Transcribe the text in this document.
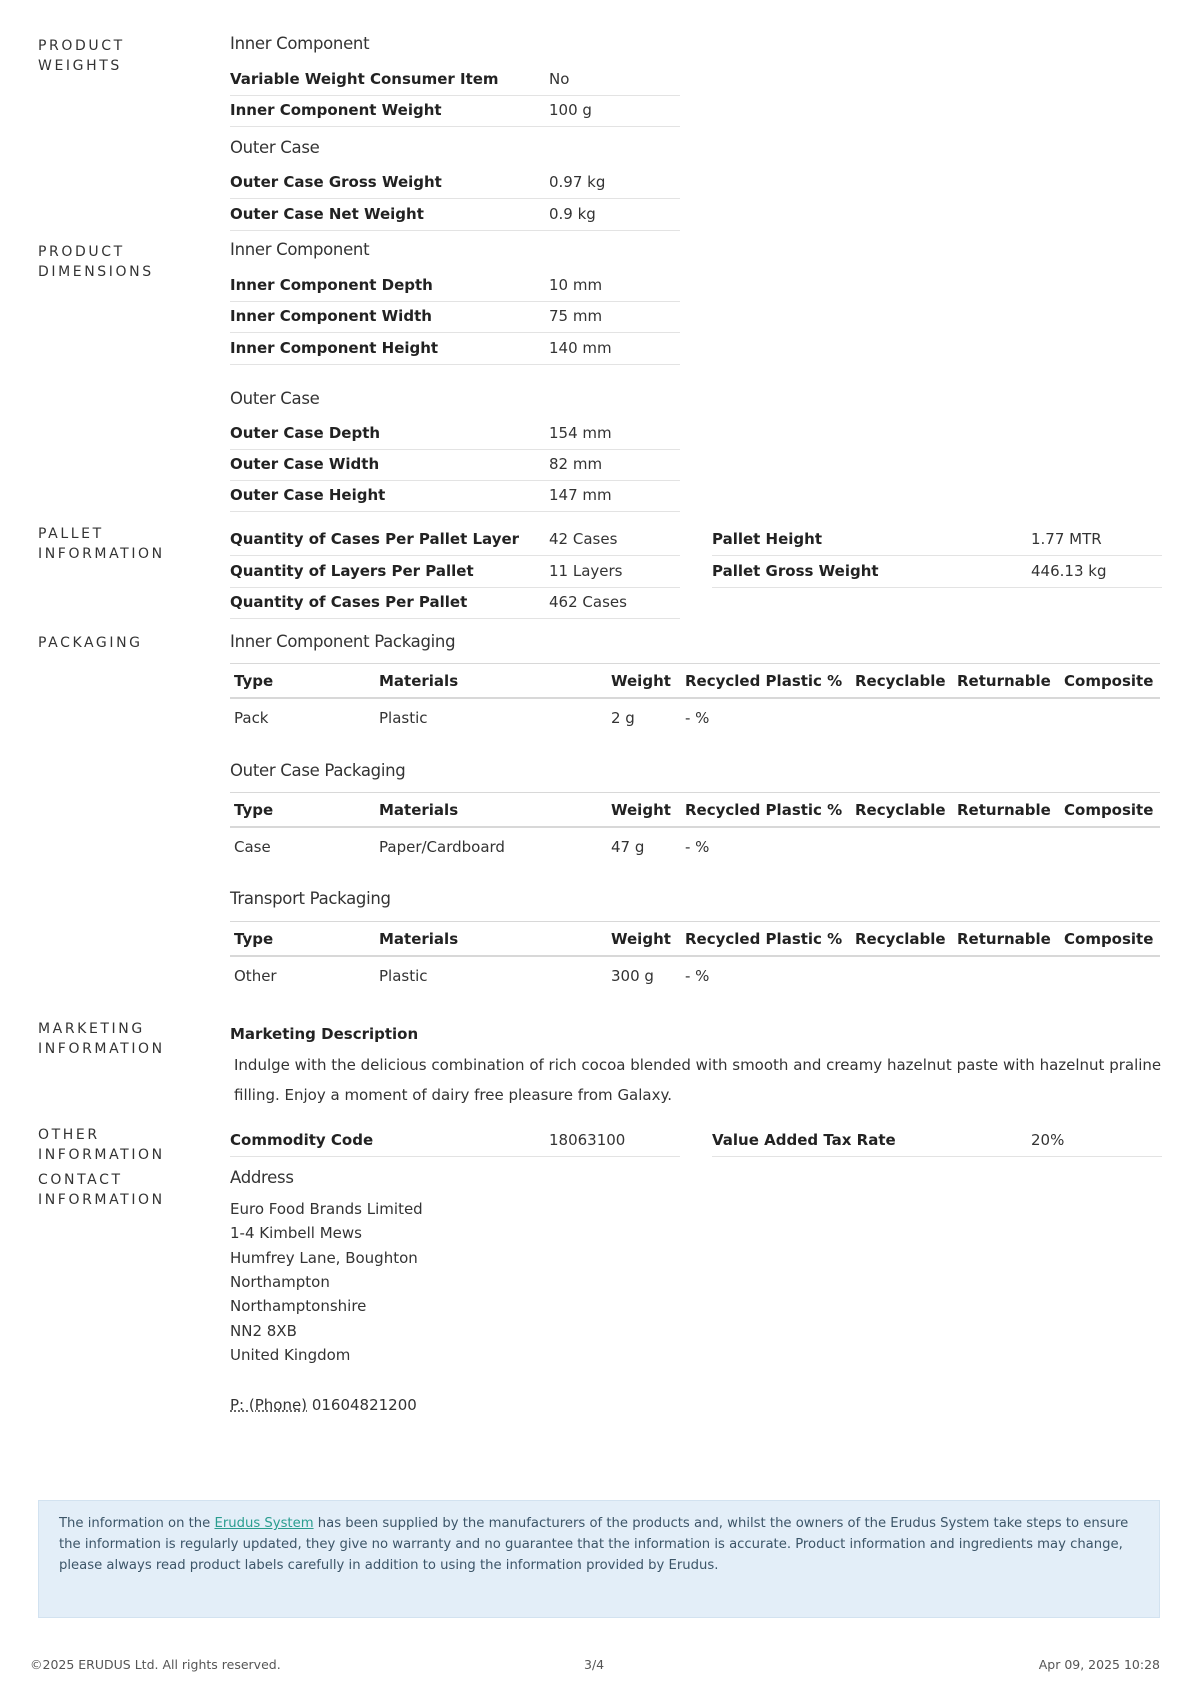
PRODUCT WEIGHTS
Inner Component
Variable Weight Consumer Item	No
Inner Component Weight	100 g
Outer Case
Outer Case Gross Weight	0.97 kg
Outer Case Net Weight	0.9 kg
PRODUCT DIMENSIONS
Inner Component
Inner Component Depth	10 mm
Inner Component Width	75 mm
Inner Component Height	140 mm
Outer Case
Outer Case Depth	154 mm
Outer Case Width	82 mm
Outer Case Height	147 mm
PALLET INFORMATION
Quantity of Cases Per Pallet Layer 42 Cases
Quantity of Layers Per Pallet	11 Layers
Quantity of Cases Per Pallet	462 Cases
Pallet Height	1.77 MTR
Pallet Gross Weight	446.13 kg
PACKAGING	Inner Component Packaging
Type	Materials	Weight	Recycled Plastic %	Recyclable	Returnable	Composite
Pack	Plastic	2 g	- %			
Outer Case Packaging
Type	Materials	Weight	Recycled Plastic %	Recyclable	Returnable	Composite
Case	Paper/Cardboard	47 g	- %			
Transport Packaging
Type	Materials	Weight	Recycled Plastic %	Recyclable	Returnable	Composite
Other	Plastic	300 g	- %			
MARKETING INFORMATION
Marketing Description
Indulge with the delicious combination of rich cocoa blended with smooth and creamy hazelnut paste with hazelnut praline
filling. Enjoy a moment of dairy free pleasure from Galaxy.
OTHER INFORMATION
Commodity Code	18063100	Value Added Tax Rate	20%
CONTACT INFORMATION
Address
Euro Food Brands Limited
1-4 Kimbell Mews
Humfrey Lane, Boughton
Northampton
Northamptonshire
NN2 8XB
United Kingdom
P: (Phone) 01604821200
The information on the Erudus System has been supplied by the manufacturers of the products and, whilst the owners of the Erudus System take steps to ensure the information is regularly updated, they give no warranty and no guarantee that the information is accurate. Product information and ingredients may change, please always read product labels carefully in addition to using the information provided by Erudus.
©2025 ERUDUS Ltd. All rights reserved.	3/4	Apr 09, 2025 10:28
